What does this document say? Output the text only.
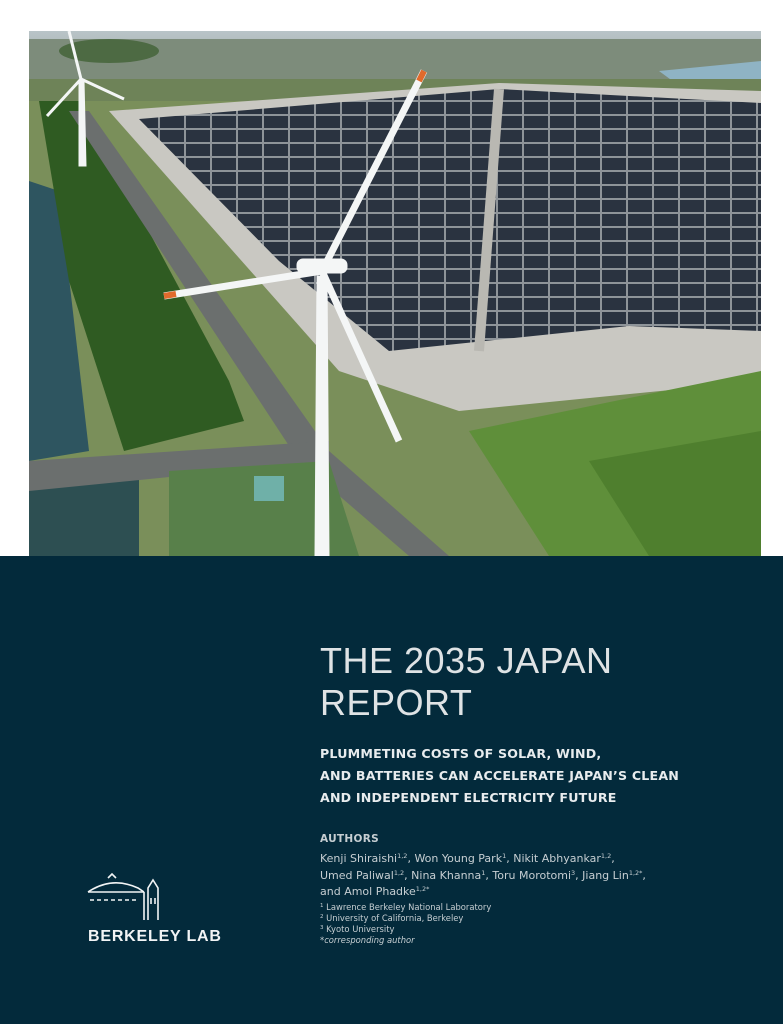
THE 2035 JAPAN
REPORT
PLUMMETING COSTS OF SOLAR, WIND,
AND BATTERIES CAN ACCELERATE JAPAN’S CLEAN
AND INDEPENDENT ELECTRICITY FUTURE
AUTHORS
Kenji Shiraishi$^{1,2}$, Won Young Park$^1$, Nikit Abhyankar$^{1,2}$,
Umed Paliwal$^{1,2}$, Nina Khanna$^1$, Toru Morotomi$^3$, Jiang Lin$^{1,2*}$,
and Amol Phadke$^{1,2*}$
$^1$ Lawrence Berkeley National Laboratory
$^2$ University of California, Berkeley
$^3$ Kyoto University
*corresponding author
BERKELEY LAB
